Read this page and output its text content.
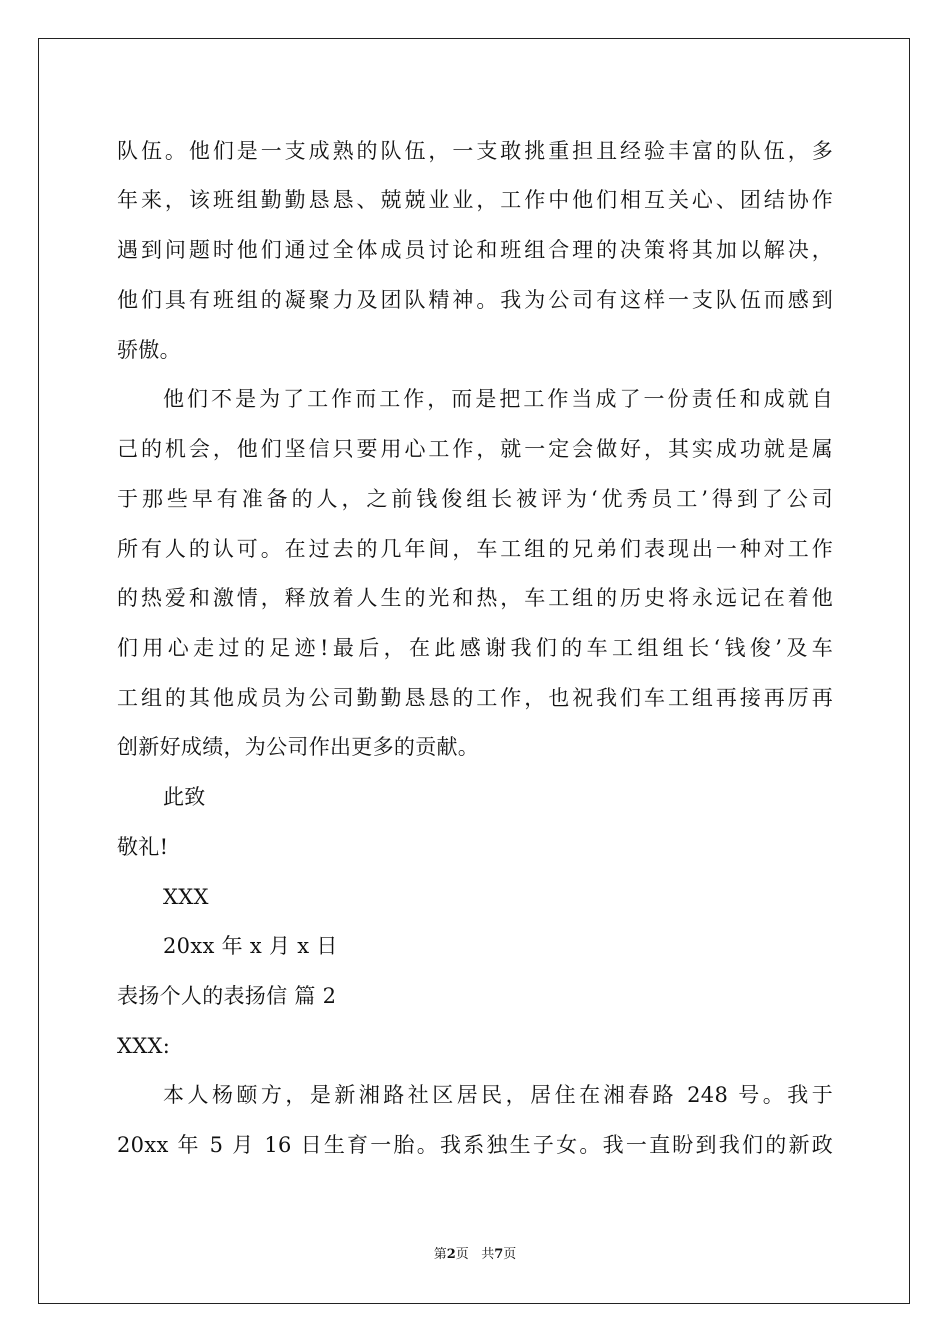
队伍。他们是一支成熟的队伍，一支敢挑重担且经验丰富的队伍，多
年来，该班组勤勤恳恳、兢兢业业，工作中他们相互关心、团结协作
遇到问题时他们通过全体成员讨论和班组合理的决策将其加以解决，
他们具有班组的凝聚力及团队精神。我为公司有这样一支队伍而感到
骄傲。
他们不是为了工作而工作，而是把工作当成了一份责任和成就自
己的机会，他们坚信只要用心工作，就一定会做好，其实成功就是属
于那些早有准备的人，之前钱俊组长被评为‘优秀员工’得到了公司
所有人的认可。在过去的几年间，车工组的兄弟们表现出一种对工作
的热爱和激情，释放着人生的光和热，车工组的历史将永远记在着他
们用心走过的足迹!最后，在此感谢我们的车工组组长‘钱俊’及车
工组的其他成员为公司勤勤恳恳的工作，也祝我们车工组再接再厉再
创新好成绩，为公司作出更多的贡献。
此致
敬礼!
XXX
20xx 年 x 月 x 日
表扬个人的表扬信 篇 2
XXX:
本人杨颐方，是新湘路社区居民，居住在湘春路 248 号。我于
20xx 年 5 月 16 日生育一胎。我系独生子女。我一直盼到我们的新政
第2页   共7页
